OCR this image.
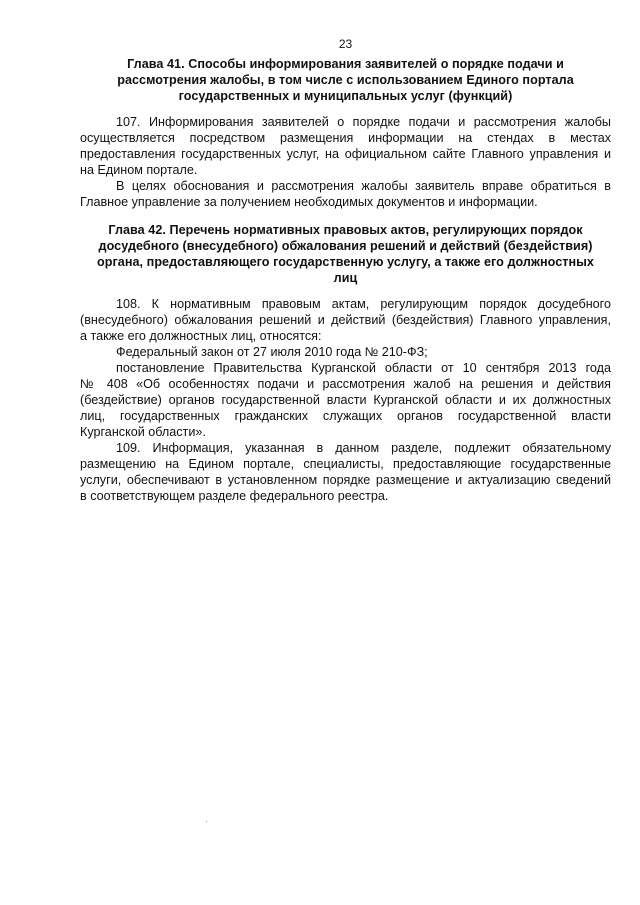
23
Глава 41. Способы информирования заявителей о порядке подачи и
рассмотрения жалобы, в том числе с использованием Единого портала
государственных и муниципальных услуг (функций)
107. Информирования заявителей о порядке подачи и рассмотрения жалобы
осуществляется посредством размещения информации на стендах в местах
предоставления государственных услуг, на официальном сайте Главного управления и
на Едином портале.
В целях обоснования и рассмотрения жалобы заявитель вправе обратиться в
Главное управление за получением необходимых документов и информации.
Глава 42. Перечень нормативных правовых актов, регулирующих порядок
досудебного (внесудебного) обжалования решений и действий (бездействия)
органа, предоставляющего государственную услугу, а также его должностных
лиц
108. К нормативным правовым актам, регулирующим порядок досудебного
(внесудебного) обжалования решений и действий (бездействия) Главного управления,
а также его должностных лиц, относятся:
Федеральный закон от 27 июля 2010 года № 210-ФЗ;
постановление Правительства Курганской области от 10 сентября 2013 года
№ 408 «Об особенностях подачи и рассмотрения жалоб на решения и действия
(бездействие) органов государственной власти Курганской области и их должностных
лиц, государственных гражданских служащих органов государственной власти
Курганской области».
109. Информация, указанная в данном разделе, подлежит обязательному
размещению на Едином портале, специалисты, предоставляющие государственные
услуги, обеспечивают в установленном порядке размещение и актуализацию сведений
в соответствующем разделе федерального реестра.
